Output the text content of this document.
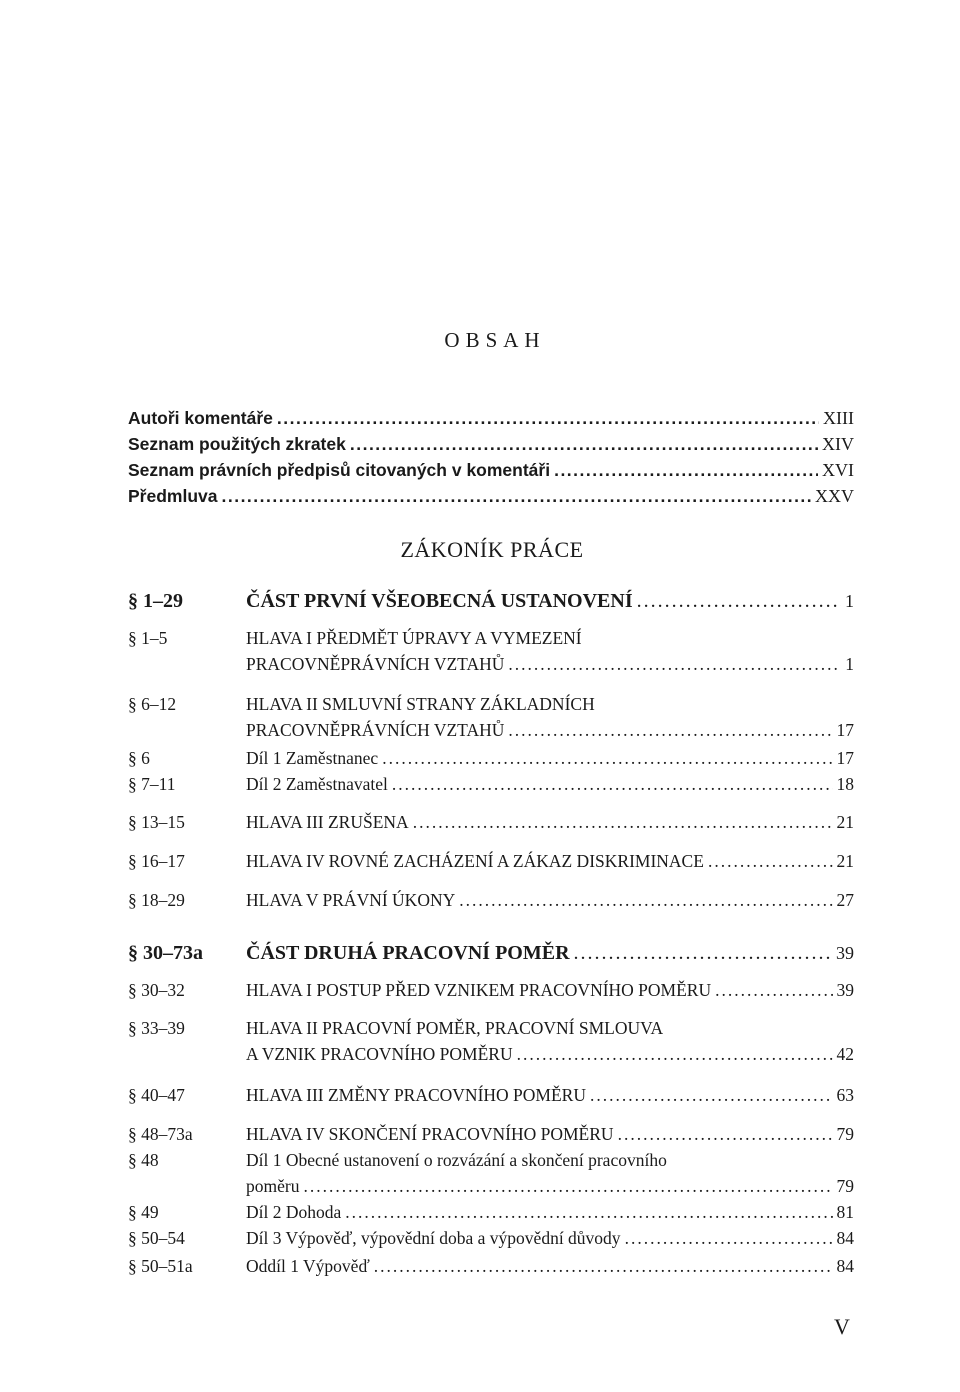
OBSAH
Autoři komentáře .....	XIII
Seznam použitých zkratek .....	XIV
Seznam právních předpisů citovaných v komentáři .....	XVI
Předmluva .....	XXV
ZÁKONÍK PRÁCE
§ 1–29	ČÁST PRVNÍ VŠEOBECNÁ USTANOVENÍ .....	1
§ 1–5	HLAVA I PŘEDMĚT ÚPRAVY A VYMEZENÍ
PRACOVNĚPRÁVNÍCH VZTAHŮ .....	1
§ 6–12	HLAVA II SMLUVNÍ STRANY ZÁKLADNÍCH
PRACOVNĚPRÁVNÍCH VZTAHŮ .....	17
§ 6	Díl 1 Zaměstnanec .....	17
§ 7–11	Díl 2 Zaměstnavatel .....	18
§ 13–15	HLAVA III ZRUŠENA .....	21
§ 16–17	HLAVA IV ROVNÉ ZACHÁZENÍ A ZÁKAZ DISKRIMINACE .....	21
§ 18–29	HLAVA V PRÁVNÍ ÚKONY .....	27
§ 30–73a ČÁST DRUHÁ PRACOVNÍ POMĚR .....	39
§ 30–32	HLAVA I POSTUP PŘED VZNIKEM PRACOVNÍHO POMĚRU .....	39
§ 33–39	HLAVA II PRACOVNÍ POMĚR, PRACOVNÍ SMLOUVA
A VZNIK PRACOVNÍHO POMĚRU .....	42
§ 40–47	HLAVA III ZMĚNY PRACOVNÍHO POMĚRU .....	63
§ 48–73a	HLAVA IV SKONČENÍ PRACOVNÍHO POMĚRU .....	79
§ 48	Díl 1 Obecné ustanovení o rozvázání a skončení pracovního
poměru .....	79
§ 49	Díl 2 Dohoda .....	81
§ 50–54	Díl 3 Výpověď, výpovědní doba a výpovědní důvody .....	84
§ 50–51a	Oddíl 1 Výpověď .....	84
V
